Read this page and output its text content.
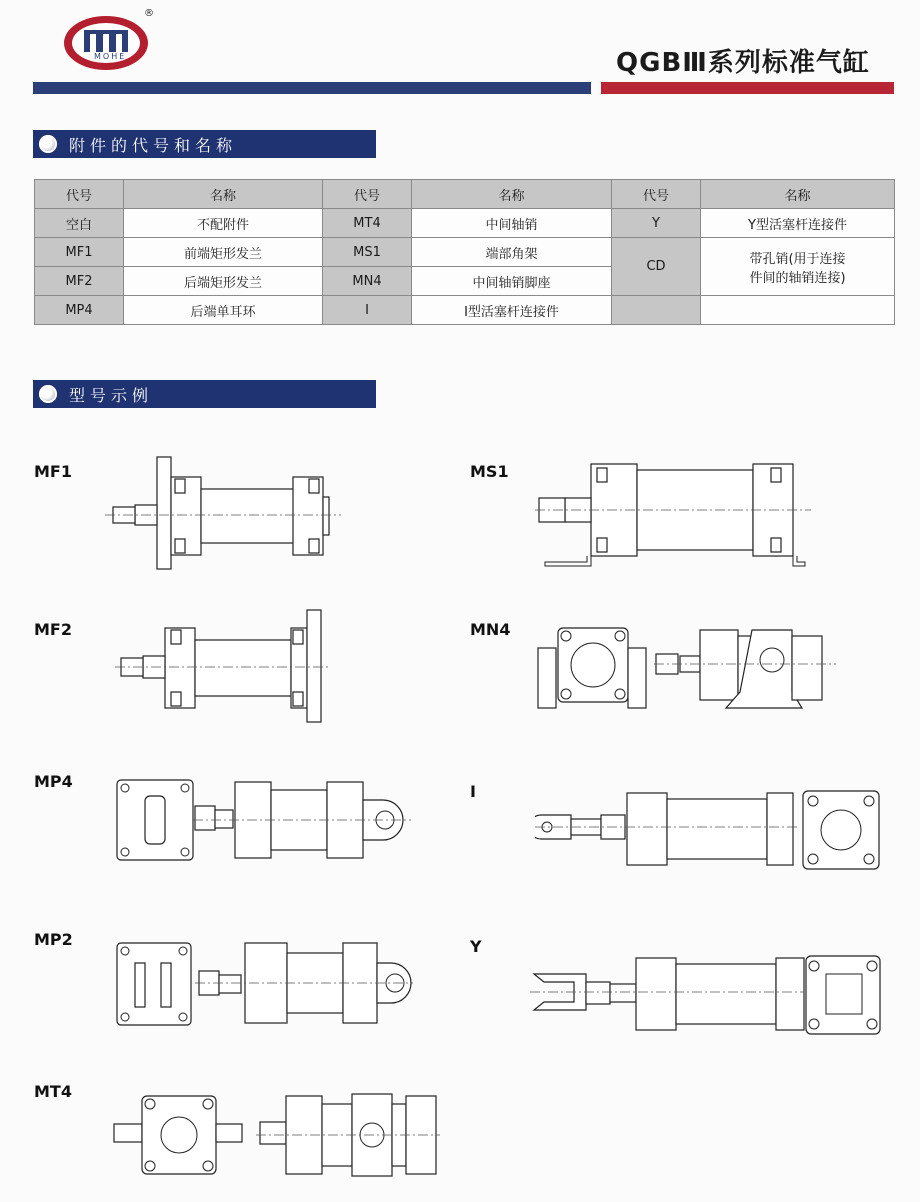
MOHE
®
QGBⅢ系列标准气缸
附件的代号和名称
代号	名称	代号	名称	代号	名称
空白	不配附件	MT4	中间轴销	Y	Y型活塞杆连接件
MF1	前端矩形发兰	MS1	端部角架	CD	带孔销(用于连接
件间的轴销连接)

MF2	后端矩形发兰	MN4	中间轴销脚座		
MP4	后端单耳环	I	I型活塞杆连接件		
型号示例
MF1
MF2
MP4
MP2
MT4
MS1
MN4
I
Y
